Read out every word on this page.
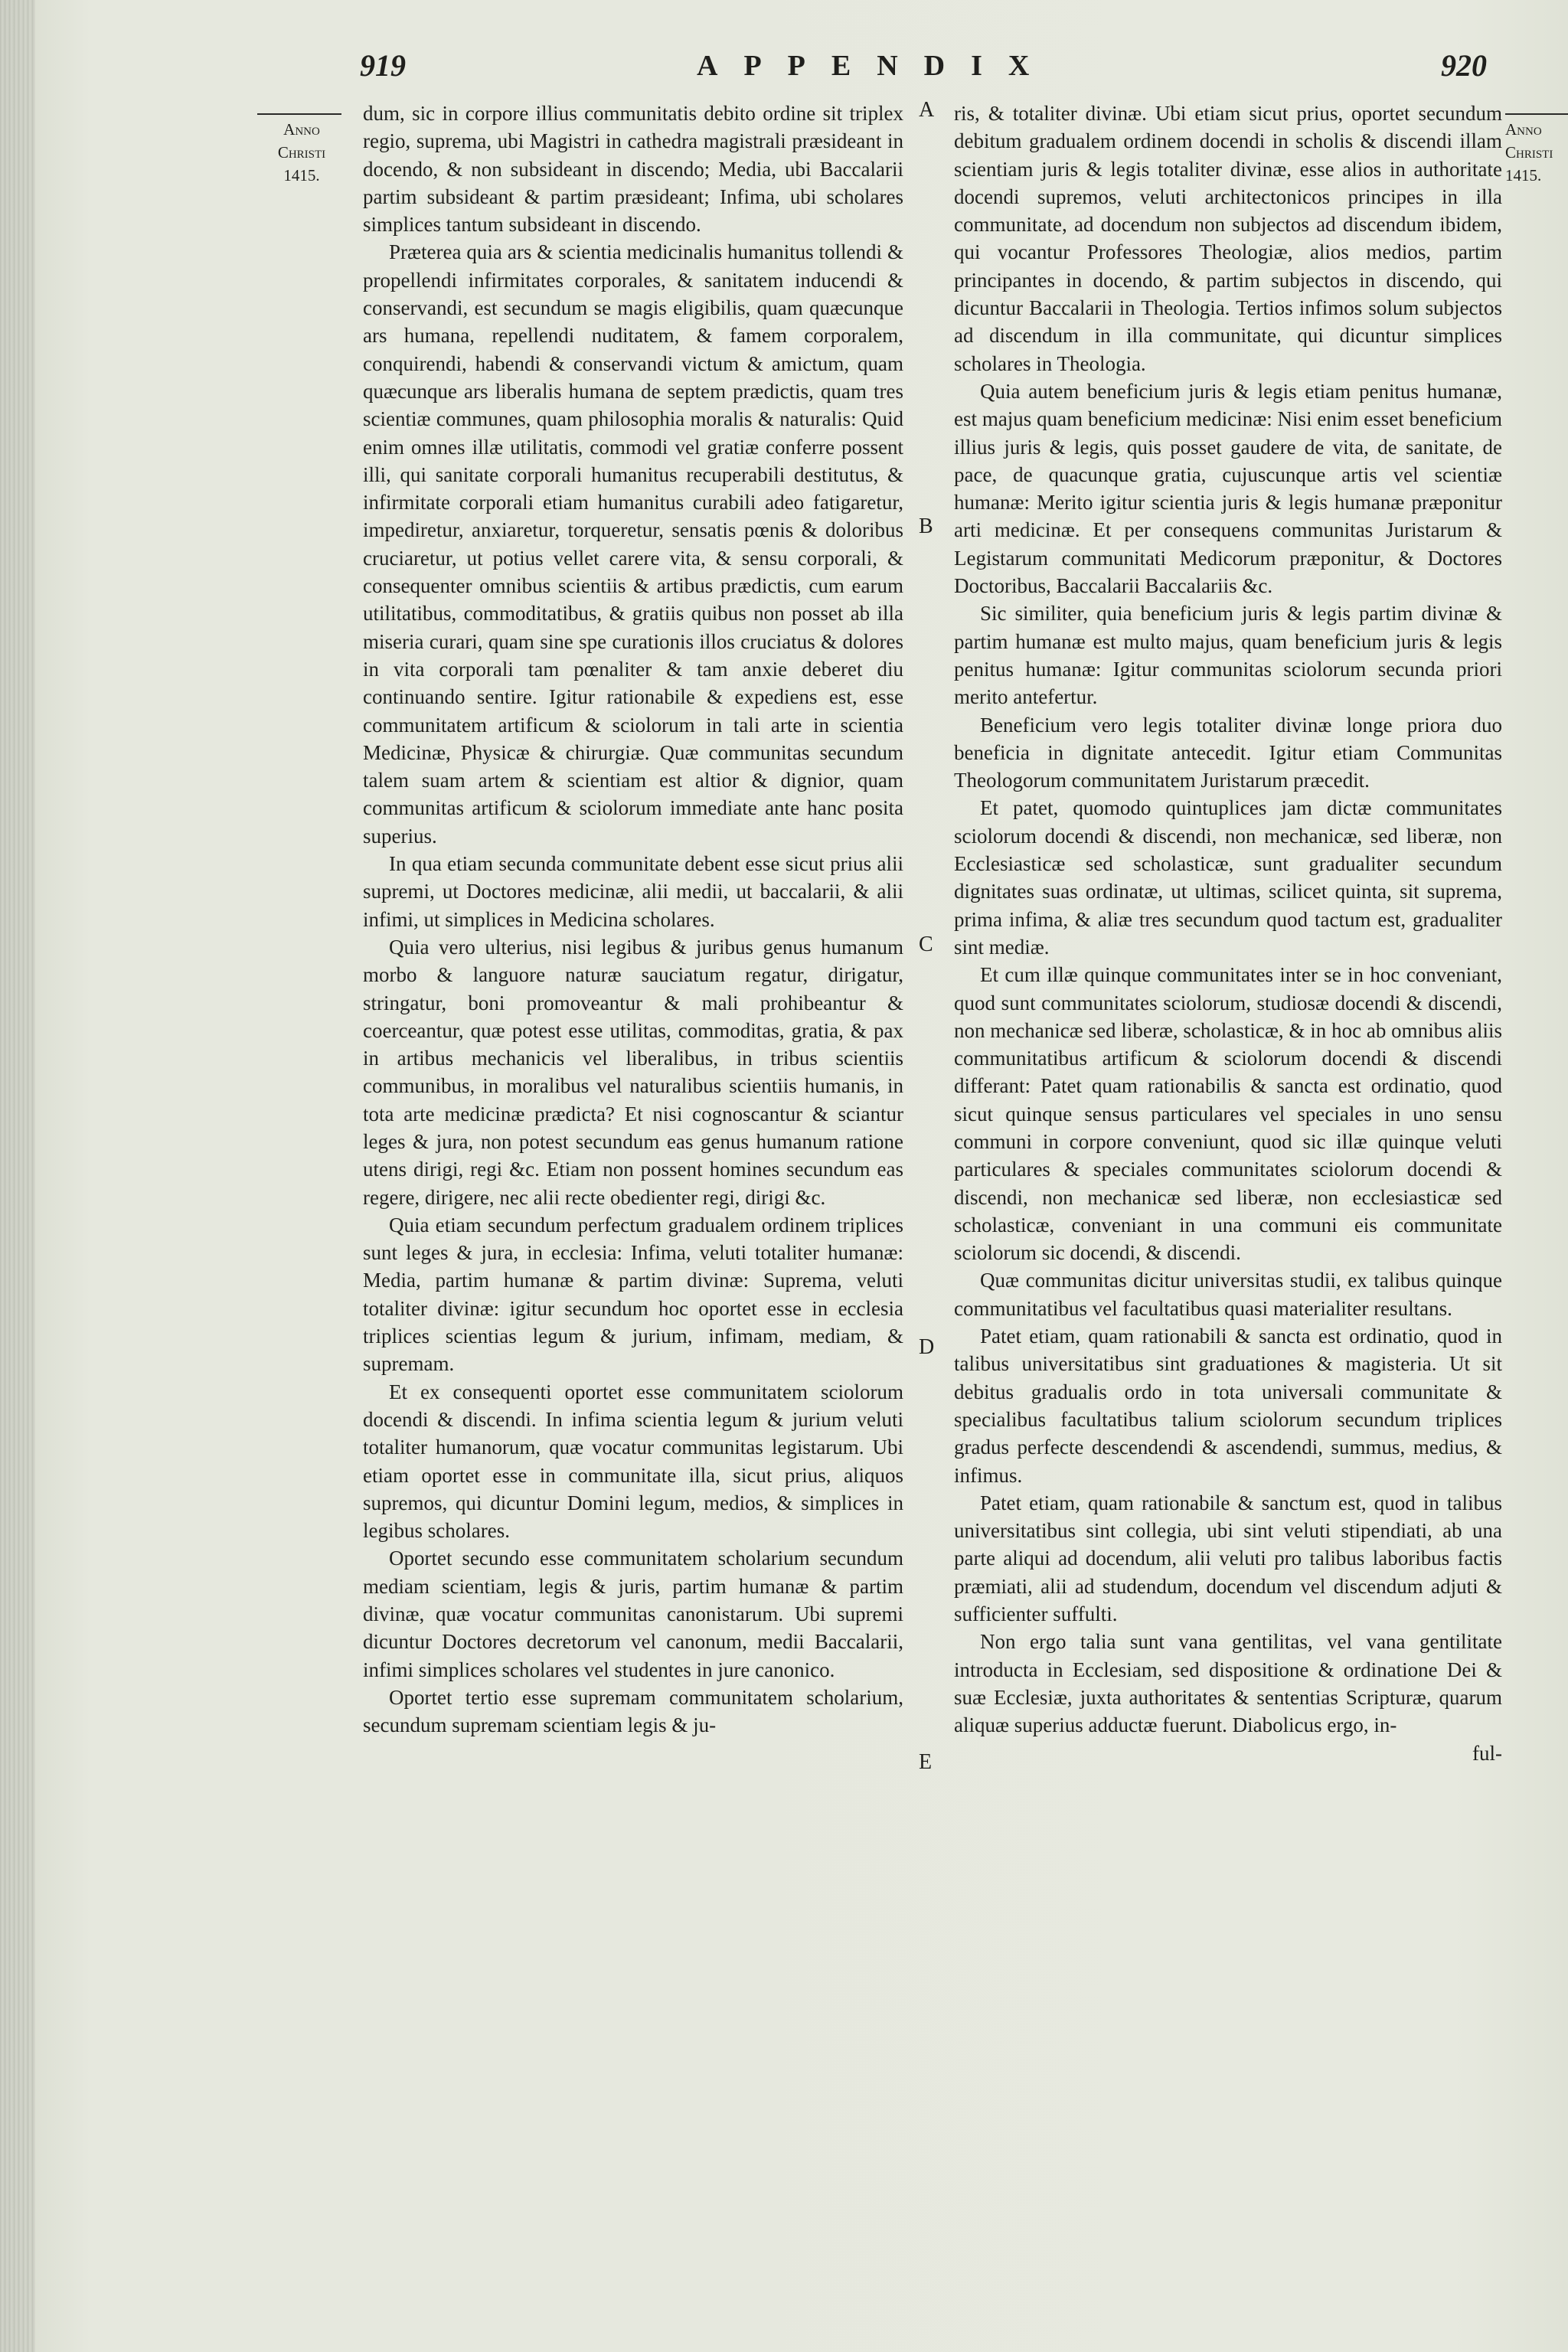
919	APPENDIX	920
Anno
Christi
1415.
Anno
Christi
1415.

dum, sic in corpore illius communitatis debito ordine sit triplex regio, suprema, ubi Magistri in cathedra magistrali præsideant in docendo, & non subsideant in discendo; Media, ubi Baccalarii partim subsideant & partim præsideant; Infima, ubi scholares simplices tantum subsideant in discendo.

Præterea quia ars & scientia medicinalis humanitus tollendi & propellendi infirmitates corporales, & sanitatem inducendi & conservandi, est secundum se magis eligibilis, quam quæcunque ars humana, repellendi nuditatem, & famem corporalem, conquirendi, habendi & conservandi victum & amictum, quam quæcunque ars liberalis humana de septem prædictis, quam tres scientiæ communes, quam philosophia moralis & naturalis: Quid enim omnes illæ utilitatis, commodi vel gratiæ conferre possent illi, qui sanitate corporali humanitus recuperabili destitutus, & infirmitate corporali etiam humanitus curabili adeo fatigaretur, impediretur, anxiaretur, torqueretur, sensatis pœnis & doloribus cruciaretur, ut potius vellet carere vita, & sensu corporali, & consequenter omnibus scientiis & artibus prædictis, cum earum utilitatibus, commoditatibus, & gratiis quibus non posset ab illa miseria curari, quam sine spe curationis illos cruciatus & dolores in vita corporali tam pœnaliter & tam anxie deberet diu continuando sentire. Igitur rationabile & expediens est, esse communitatem artificum & sciolorum in tali arte in scientia Medicinæ, Physicæ & chirurgiæ. Quæ communitas secundum talem suam artem & scientiam est altior & dignior, quam communitas artificum & sciolorum immediate ante hanc posita superius.

In qua etiam secunda communitate debent esse sicut prius alii supremi, ut Doctores medicinæ, alii medii, ut baccalarii, & alii infimi, ut simplices in Medicina scholares.

Quia vero ulterius, nisi legibus & juribus genus humanum morbo & languore naturæ sauciatum regatur, dirigatur, stringatur, boni promoveantur & mali prohibeantur & coerceantur, quæ potest esse utilitas, commoditas, gratia, & pax in artibus mechanicis vel liberalibus, in tribus scientiis communibus, in moralibus vel naturalibus scientiis humanis, in tota arte medicinæ prædicta? Et nisi cognoscantur & sciantur leges & jura, non potest secundum eas genus humanum ratione utens dirigi, regi &c. Etiam non possent homines secundum eas regere, dirigere, nec alii recte obedienter regi, dirigi &c.

Quia etiam secundum perfectum gradualem ordinem triplices sunt leges & jura, in ecclesia: Infima, veluti totaliter humanæ: Media, partim humanæ & partim divinæ: Suprema, veluti totaliter divinæ: igitur secundum hoc oportet esse in ecclesia triplices scientias legum & jurium, infimam, mediam, & supremam.

Et ex consequenti oportet esse communitatem sciolorum docendi & discendi. In infima scientia legum & jurium veluti totaliter humanorum, quæ vocatur communitas legistarum. Ubi etiam oportet esse in communitate illa, sicut prius, aliquos supremos, qui dicuntur Domini legum, medios, & simplices in legibus scholares.

Oportet secundo esse communitatem scholarium secundum mediam scientiam, legis & juris, partim humanæ & partim divinæ, quæ vocatur communitas canonistarum. Ubi supremi dicuntur Doctores decretorum vel canonum, medii Baccalarii, infimi simplices scholares vel studentes in jure canonico.

Oportet tertio esse supremam communitatem scholarium, secundum supremam scientiam legis & ju-

A
B
C
D
E

ris, & totaliter divinæ. Ubi etiam sicut prius, oportet secundum debitum gradualem ordinem docendi in scholis & discendi illam scientiam juris & legis totaliter divinæ, esse alios in authoritate docendi supremos, veluti architectonicos principes in illa communitate, ad docendum non subjectos ad discendum ibidem, qui vocantur Professores Theologiæ, alios medios, partim principantes in docendo, & partim subjectos in discendo, qui dicuntur Baccalarii in Theologia. Tertios infimos solum subjectos ad discendum in illa communitate, qui dicuntur simplices scholares in Theologia.

Quia autem beneficium juris & legis etiam penitus humanæ, est majus quam beneficium medicinæ: Nisi enim esset beneficium illius juris & legis, quis posset gaudere de vita, de sanitate, de pace, de quacunque gratia, cujuscunque artis vel scientiæ humanæ: Merito igitur scientia juris & legis humanæ præponitur arti medicinæ. Et per consequens communitas Juristarum & Legistarum communitati Medicorum præponitur, & Doctores Doctoribus, Baccalarii Baccalariis &c.

Sic similiter, quia beneficium juris & legis partim divinæ & partim humanæ est multo majus, quam beneficium juris & legis penitus humanæ: Igitur communitas sciolorum secunda priori merito antefertur.

Beneficium vero legis totaliter divinæ longe priora duo beneficia in dignitate antecedit. Igitur etiam Communitas Theologorum communitatem Juristarum præcedit.

Et patet, quomodo quintuplices jam dictæ communitates sciolorum docendi & discendi, non mechanicæ, sed liberæ, non Ecclesiasticæ sed scholasticæ, sunt gradualiter secundum dignitates suas ordinatæ, ut ultimas, scilicet quinta, sit suprema, prima infima, & aliæ tres secundum quod tactum est, gradualiter sint mediæ.

Et cum illæ quinque communitates inter se in hoc conveniant, quod sunt communitates sciolorum, studiosæ docendi & discendi, non mechanicæ sed liberæ, scholasticæ, & in hoc ab omnibus aliis communitatibus artificum & sciolorum docendi & discendi differant: Patet quam rationabilis & sancta est ordinatio, quod sicut quinque sensus particulares vel speciales in uno sensu communi in corpore conveniunt, quod sic illæ quinque veluti particulares & speciales communitates sciolorum docendi & discendi, non mechanicæ sed liberæ, non ecclesiasticæ sed scholasticæ, conveniant in una communi eis communitate sciolorum sic docendi, & discendi.

Quæ communitas dicitur universitas studii, ex talibus quinque communitatibus vel facultatibus quasi materialiter resultans.

Patet etiam, quam rationabili & sancta est ordinatio, quod in talibus universitatibus sint graduationes & magisteria. Ut sit debitus gradualis ordo in tota universali communitate & specialibus facultatibus talium sciolorum secundum triplices gradus perfecte descendendi & ascendendi, summus, medius, & infimus.

Patet etiam, quam rationabile & sanctum est, quod in talibus universitatibus sint collegia, ubi sint veluti stipendiati, ab una parte aliqui ad docendum, alii veluti pro talibus laboribus factis præmiati, alii ad studendum, docendum vel discendum adjuti & sufficienter suffulti.

Non ergo talia sunt vana gentilitas, vel vana gentilitate introducta in Ecclesiam, sed dispositione & ordinatione Dei & suæ Ecclesiæ, juxta authoritates & sententias Scripturæ, quarum aliquæ superius adductæ fuerunt. Diabolicus ergo, in-

ful-
